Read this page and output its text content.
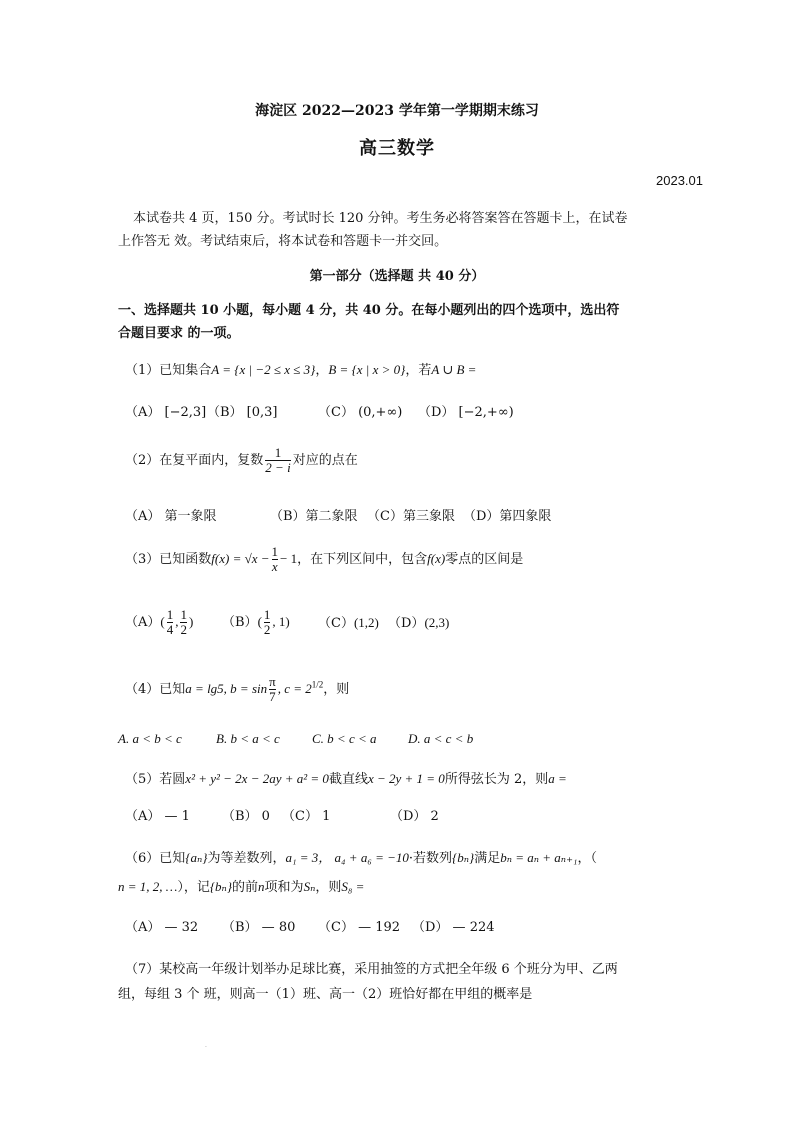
海淀区 2022—2023 学年第一学期期末练习
高三数学
2023.01
本试卷共 4 页，150 分。考试时长 120 分钟。考生务必将答案答在答题卡上，在试卷
上作答无 效。考试结束后，将本试卷和答题卡一并交回。
第一部分（选择题 共 40 分）
一、选择题共 10 小题，每小题 4 分，共 40 分。在每小题列出的四个选项中，选出符
合题目要求 的一项。
（1）已知集合A = {x | −2 ≤ x ≤ 3}，B = {x | x > 0}，若A ∪ B =
（A） [−2,3] （B） [0,3]	（C） (0,+∞) （D） [−2,+∞)
（2）在复平面内，复数 $\frac{1}{2 - i}$ 对应的点在
（A） 第一象限	（B）第二象限 （C）第三象限 （D）第四象限
（3）已知函数$f(x) = √x - \frac{1}{x} - 1$，在下列区间中，包含f(x)零点的区间是
$(A)( \frac{1}{4}$ , $\frac{1}{2}$ ) $(B)( \frac{1}{2}$ , 1) （C）(1,2) （D）(2,3)
（4）已知a = lg5, $b = \sin \frac{\pi}{7}$ , $c = 2^{1/2}$，则
A. a < b < c	B. b < a < c C. b < c < a D. a < c < b
（5）若圆x² + y² − 2x − 2ay + a² = 0截直线x − 2y + 1 = 0所得弦长为 2，则a =
（A） — 1 （B） 0 （C） 1	（D） 2
（6）已知{aₙ}为等差数列，a₁ = 3， a₄ + a₆ = −10·若数列{bₙ}满足bₙ = aₙ + aₙ₊₁，（
n = 1, 2, …），记{bₙ}的前n项和为Sₙ，则S₈ =
（A） — 32 （B） — 80 （C） — 192 （D） — 224
（7）某校高一年级计划举办足球比赛，采用抽签的方式把全年级 6 个班分为甲、乙两
组，每组 3 个 班，则高一（1）班、高一（2）班恰好都在甲组的概率是
.
